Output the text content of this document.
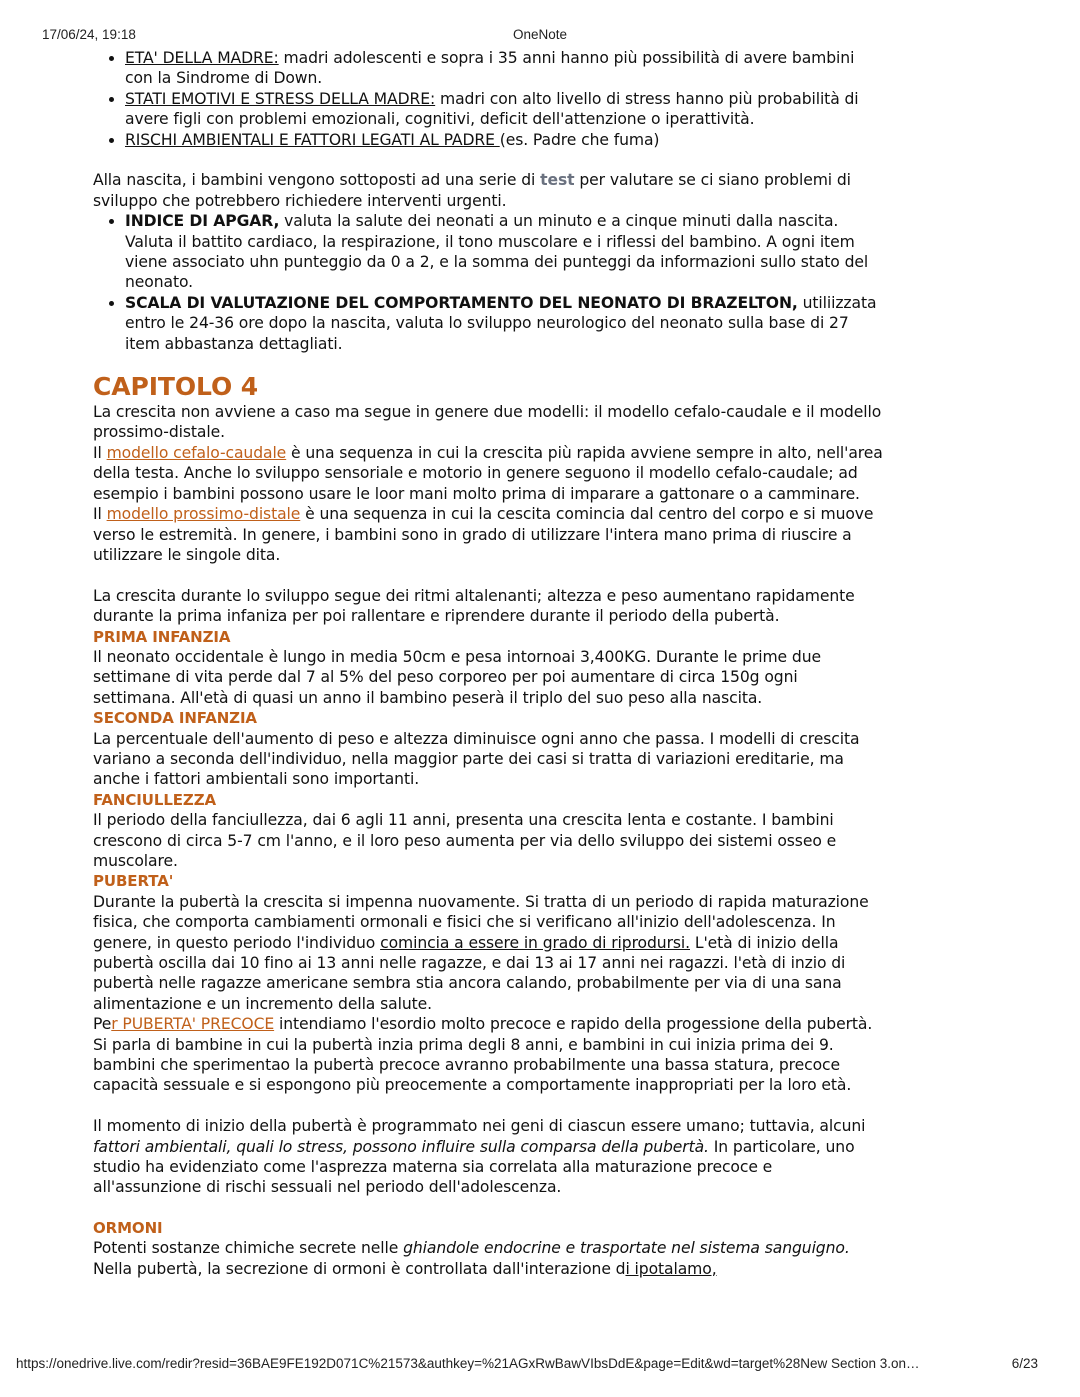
17/06/24, 19:18	OneNote
• ETA' DELLA MADRE: madri adolescenti e sopra i 35 anni hanno più possibilità di avere bambini con la Sindrome di Down.
• STATI EMOTIVI E STRESS DELLA MADRE: madri con alto livello di stress hanno più probabilità di avere figli con problemi emozionali, cognitivi, deficit dell'attenzione o iperattività.
• RISCHI AMBIENTALI E FATTORI LEGATI AL PADRE (es. Padre che fuma)

Alla nascita, i bambini vengono sottoposti ad una serie di test per valutare se ci siano problemi di sviluppo che potrebbero richiedere interventi urgenti.

• INDICE DI APGAR, valuta la salute dei neonati a un minuto e a cinque minuti dalla nascita. Valuta il battito cardiaco, la respirazione, il tono muscolare e i riflessi del bambino. A ogni item viene associato uhn punteggio da 0 a 2, e la somma dei punteggi da informazioni sullo stato del neonato.
• SCALA DI VALUTAZIONE DEL COMPORTAMENTO DEL NEONATO DI BRAZELTON, utiliizzata entro le 24-36 ore dopo la nascita, valuta lo sviluppo neurologico del neonato sulla base di 27 item abbastanza dettagliati.
CAPITOLO 4

La crescita non avviene a caso ma segue in genere due modelli: il modello cefalo-caudale e il modello prossimo-distale.

Il modello cefalo-caudale è una sequenza in cui la crescita più rapida avviene sempre in alto, nell'area della testa. Anche lo sviluppo sensoriale e motorio in genere seguono il modello cefalo-caudale; ad esempio i bambini possono usare le loor mani molto prima di imparare a gattonare o a camminare.

Il modello prossimo-distale è una sequenza in cui la cescita comincia dal centro del corpo e si muove verso le estremità. In genere, i bambini sono in grado di utilizzare l'intera mano prima di riuscire a utilizzare le singole dita.

La crescita durante lo sviluppo segue dei ritmi altalenanti; altezza e peso aumentano rapidamente durante la prima infaniza per poi rallentare e riprendere durante il periodo della pubertà.

PRIMA INFANZIA

Il neonato occidentale è lungo in media 50cm e pesa intornoai 3,400KG. Durante le prime due settimane di vita perde dal 7 al 5% del peso corporeo per poi aumentare di circa 150g ogni settimana. All'età di quasi un anno il bambino peserà il triplo del suo peso alla nascita.

SECONDA INFANZIA

La percentuale dell'aumento di peso e altezza diminuisce ogni anno che passa. I modelli di crescita variano a seconda dell'individuo, nella maggior parte dei casi si tratta di variazioni ereditarie, ma anche i fattori ambientali sono importanti.

FANCIULLEZZA

Il periodo della fanciullezza, dai 6 agli 11 anni, presenta una crescita lenta e costante. I bambini crescono di circa 5-7 cm l'anno, e il loro peso aumenta per via dello sviluppo dei sistemi osseo e muscolare.

PUBERTA'

Durante la pubertà la crescita si impenna nuovamente. Si tratta di un periodo di rapida maturazione fisica, che comporta cambiamenti ormonali e fisici che si verificano all'inizio dell'adolescenza. In genere, in questo periodo l'individuo comincia a essere in grado di riprodursi. L'età di inizio della pubertà oscilla dai 10 fino ai 13 anni nelle ragazze, e dai 13 ai 17 anni nei ragazzi. l'età di inzio di pubertà nelle ragazze americane sembra stia ancora calando, probabilmente per via di una sana alimentazione e un incremento della salute.

Per PUBERTA' PRECOCE intendiamo l'esordio molto precoce e rapido della progessione della pubertà. Si parla di bambine in cui la pubertà inzia prima degli 8 anni, e bambini in cui inizia prima dei 9. bambini che sperimentao la pubertà precoce avranno probabilmente una bassa statura, precoce capacità sessuale e si espongono più preocemente a comportamente inappropriati per la loro età.

Il momento di inizio della pubertà è programmato nei geni di ciascun essere umano; tuttavia, alcuni fattori ambientali, quali lo stress, possono influire sulla comparsa della pubertà. In particolare, uno studio ha evidenziato come l'asprezza materna sia correlata alla maturazione precoce e all'assunzione di rischi sessuali nel periodo dell'adolescenza.

ORMONI

Potenti sostanze chimiche secrete nelle ghiandole endocrine e trasportate nel sistema sanguigno. Nella pubertà, la secrezione di ormoni è controllata dall'interazione di ipotalamo,

https://onedrive.live.com/redir?resid=36BAE9FE192D071C%21573&authkey=%21AGxRwBawVIbsDdE&page=Edit&wd=target%28New Section 3.on…	6/23
